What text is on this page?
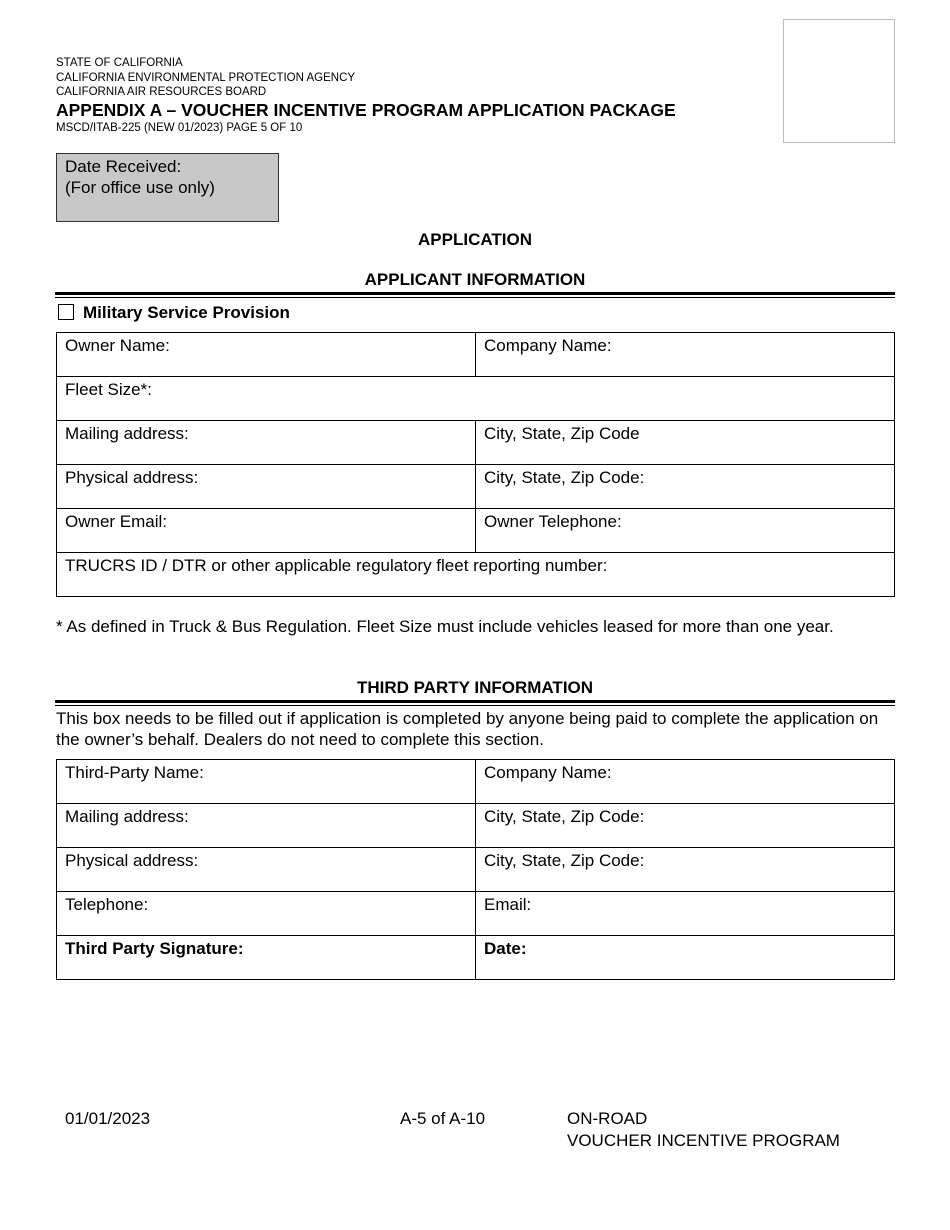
STATE OF CALIFORNIA
CALIFORNIA ENVIRONMENTAL PROTECTION AGENCY
CALIFORNIA AIR RESOURCES BOARD
APPENDIX A – VOUCHER INCENTIVE PROGRAM APPLICATION PACKAGE
MSCD/ITAB-225 (NEW 01/2023) PAGE 5 OF 10
Date Received:
(For office use only)
APPLICATION
APPLICANT INFORMATION
Military Service Provision
Owner Name:	Company Name:
Fleet Size*:	
Mailing address:	City, State, Zip Code
Physical address:	City, State, Zip Code:
Owner Email:	Owner Telephone:
TRUCRS ID / DTR or other applicable regulatory fleet reporting number:	
* As defined in Truck & Bus Regulation. Fleet Size must include vehicles leased for more than one year.
THIRD PARTY INFORMATION
This box needs to be filled out if application is completed by anyone being paid to complete the application on the owner’s behalf. Dealers do not need to complete this section.
Third-Party Name:	Company Name:
Mailing address:	City, State, Zip Code:
Physical address:	City, State, Zip Code:
Telephone:	Email:
Third Party Signature:	Date:
01/01/2023	A-5 of A-10	ON-ROAD
VOUCHER INCENTIVE PROGRAM
